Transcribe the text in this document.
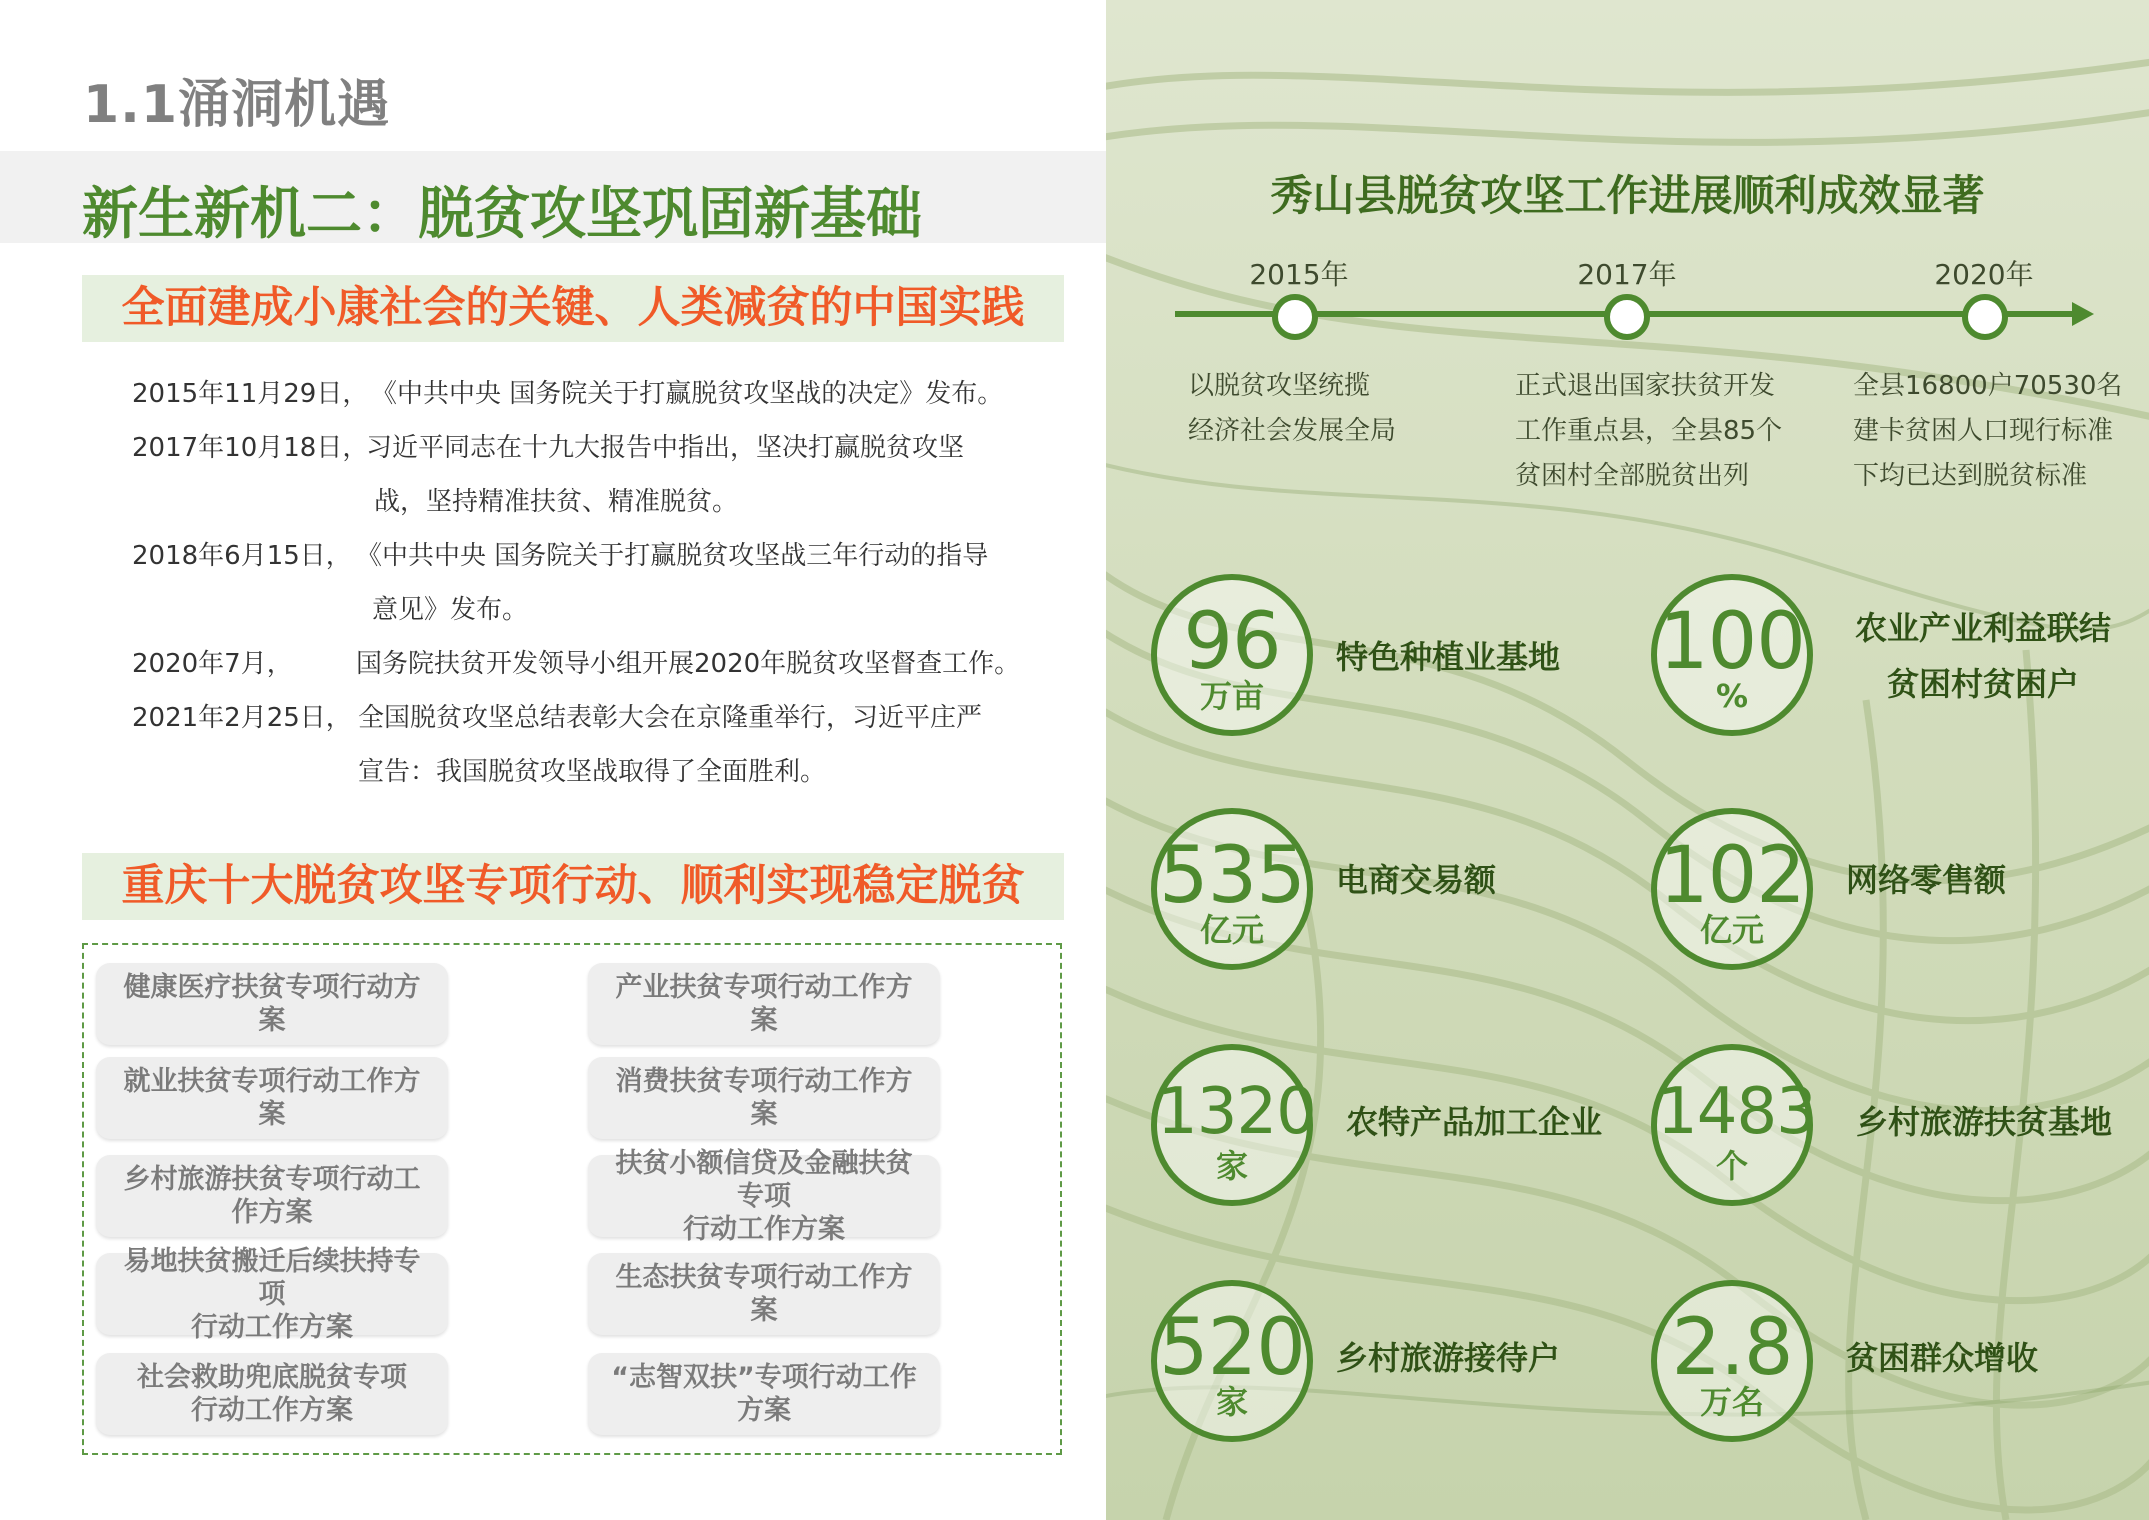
1.1涌洞机遇
新生新机二：脱贫攻坚巩固新基础
全面建成小康社会的关键、人类减贫的中国实践
2015年11月29日， 《中共中央 国务院关于打赢脱贫攻坚战的决定》发布。
2017年10月18日，
习近平同志在十九大报告中指出，坚决打赢脱贫攻坚
战，坚持精准扶贫、精准脱贫。
2018年6月15日， 《中共中央 国务院关于打赢脱贫攻坚战三年行动的指导
意见》发布。
2020年7月， 国务院扶贫开发领导小组开展2020年脱贫攻坚督查工作。
2021年2月25日， 全国脱贫攻坚总结表彰大会在京隆重举行，习近平庄严
宣告：我国脱贫攻坚战取得了全面胜利。
重庆十大脱贫攻坚专项行动、顺利实现稳定脱贫
健康医疗扶贫专项行动方案
产业扶贫专项行动工作方案
就业扶贫专项行动工作方案
消费扶贫专项行动工作方案
乡村旅游扶贫专项行动工作方案
扶贫小额信贷及金融扶贫专项
行动工作方案
易地扶贫搬迁后续扶持专项
行动工作方案
生态扶贫专项行动工作方案
社会救助兜底脱贫专项
行动工作方案
“志智双扶”专项行动工作方案
秀山县脱贫攻坚工作进展顺利成效显著
2015年	2017年	2020年
以脱贫攻坚统揽
经济社会发展全局
正式退出国家扶贫开发
工作重点县，全县85个
贫困村全部脱贫出列
全县16800户70530名
建卡贫困人口现行标准
下均已达到脱贫标准
96
万亩
特色种植业基地 100
%
农业产业利益联结
贫困村贫困户
535
亿元
电商交易额 102
亿元
网络零售额
1320
家
农特产品加工企业 1483
个
乡村旅游扶贫基地
520
家
乡村旅游接待户 2.8
万名
贫困群众增收
